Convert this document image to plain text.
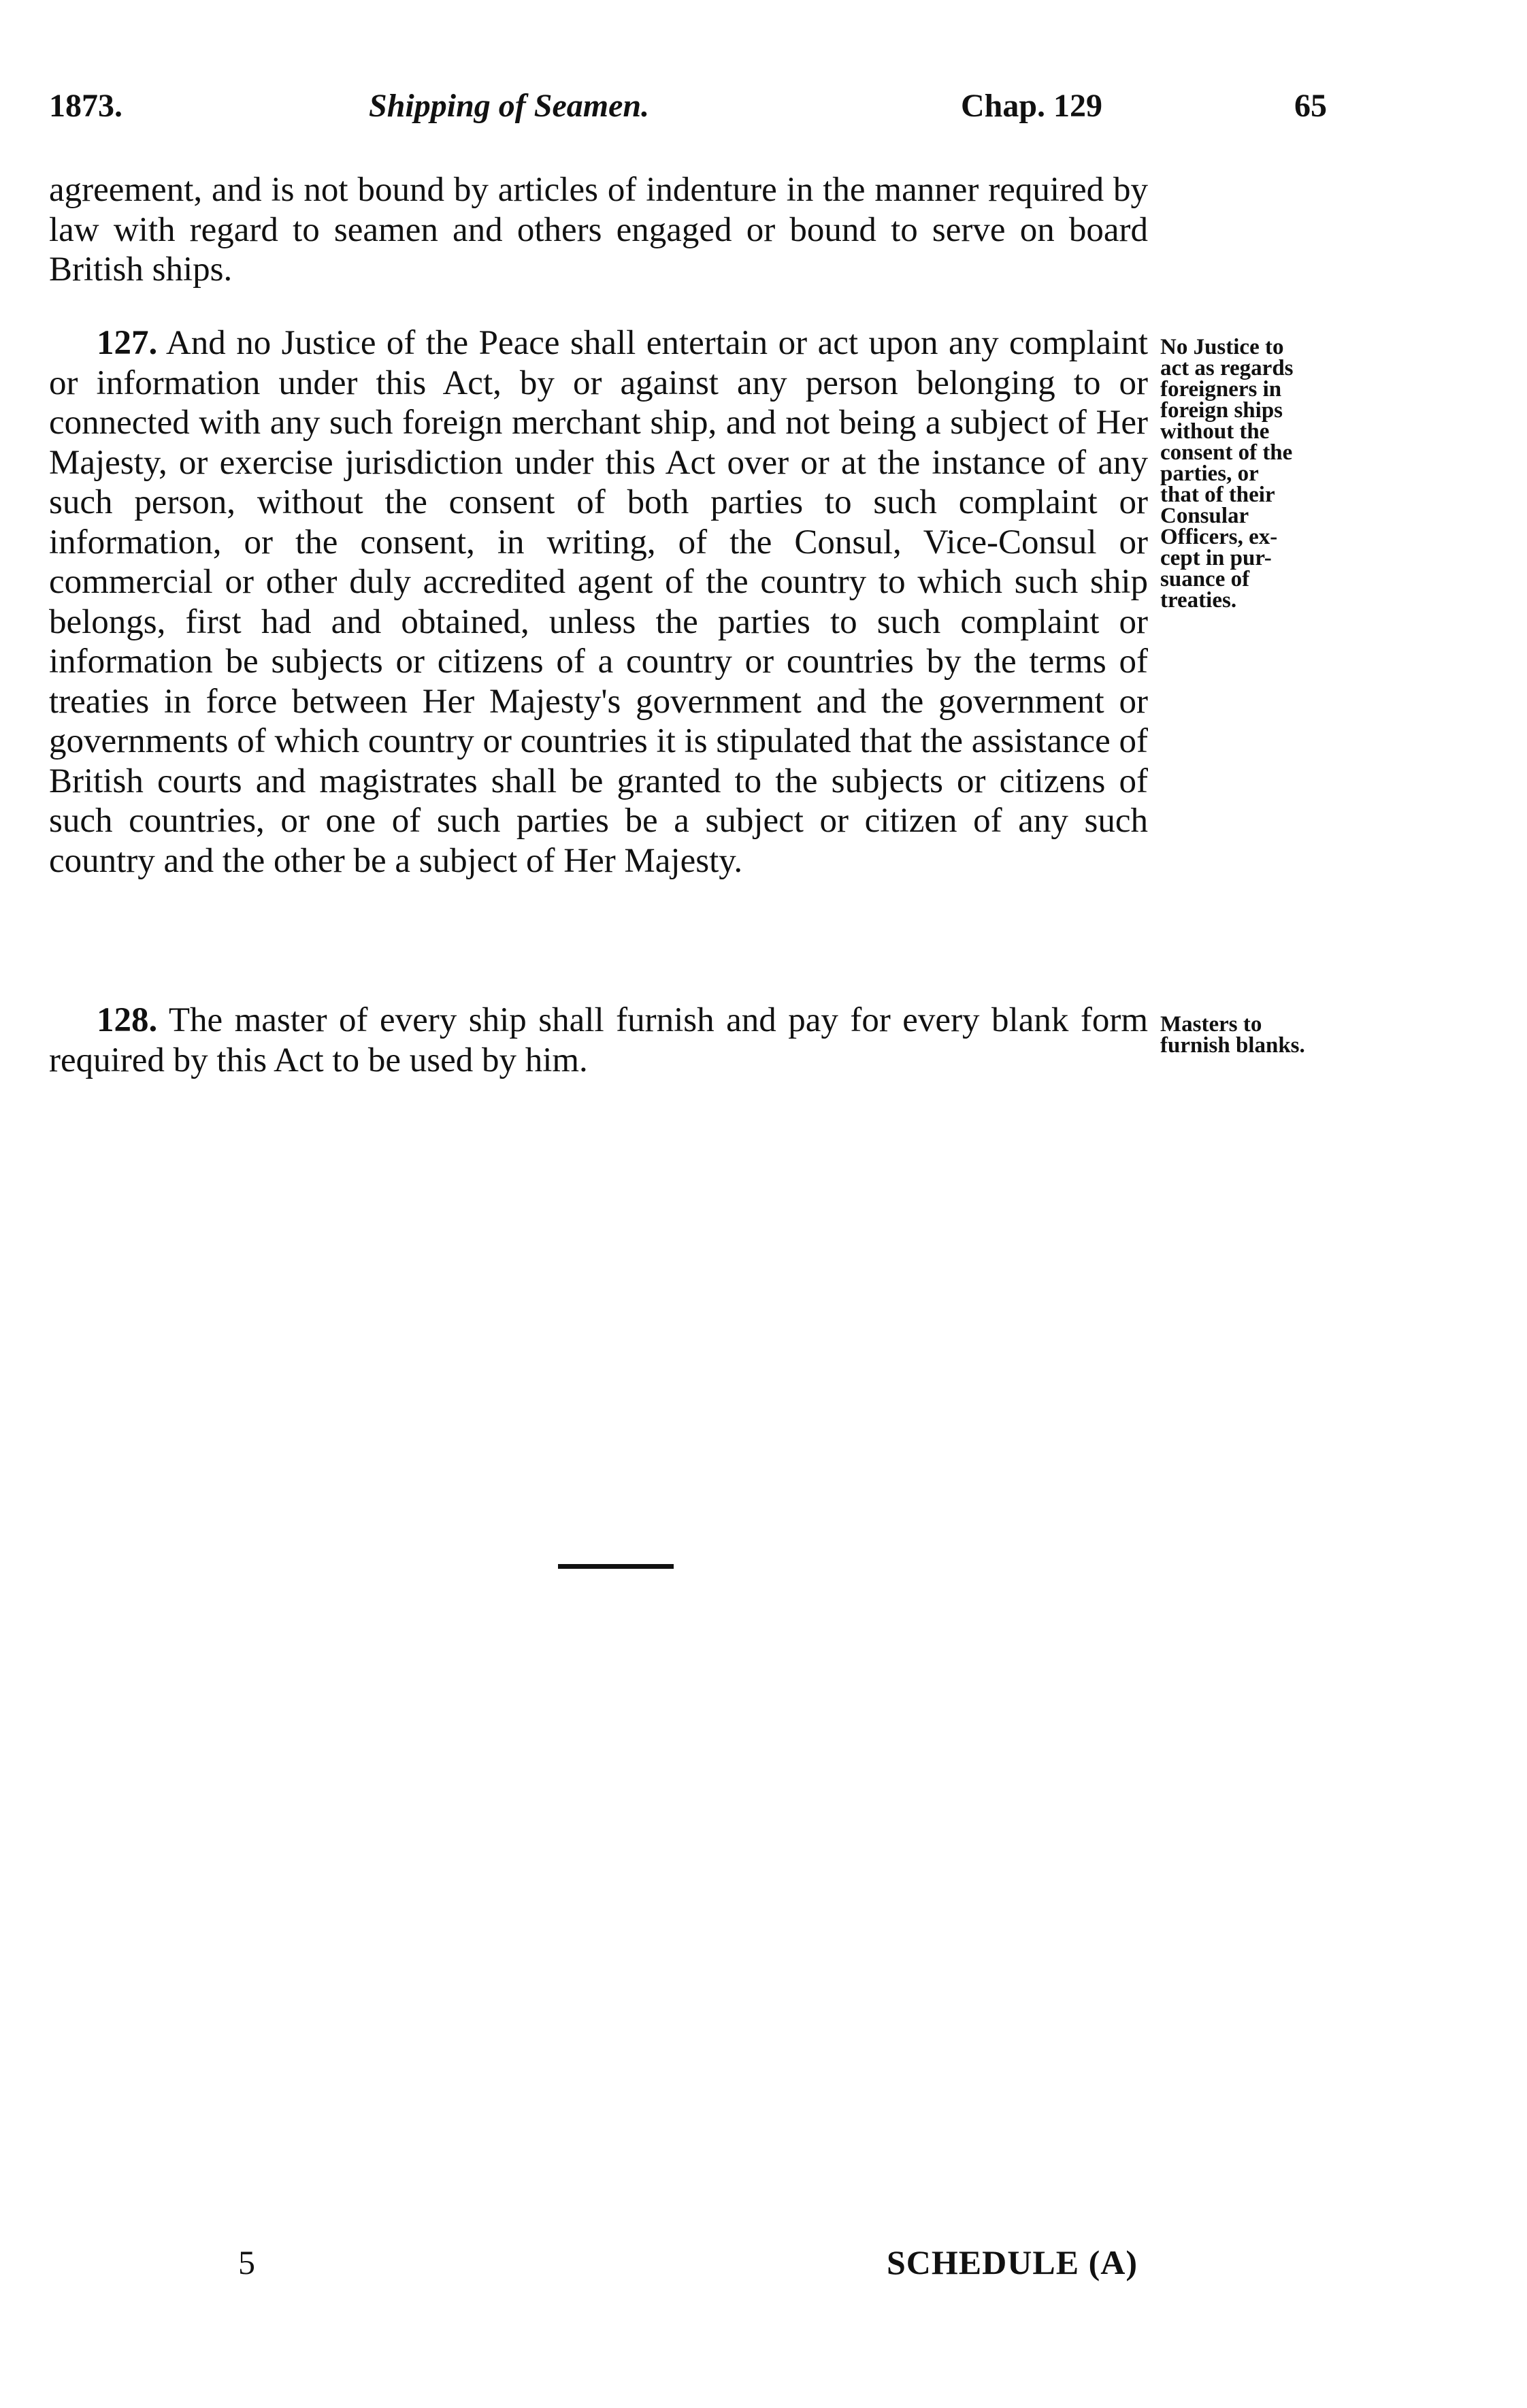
1873.	Shipping of Seamen.	Chap. 129	65

agreement, and is not bound by articles of indenture in the manner required by law with regard to seamen and others engaged or bound to serve on board British ships.

127. And no Justice of the Peace shall entertain or act upon any complaint or information under this Act, by or against any person belonging to or connected with any such foreign merchant ship, and not being a subject of Her Majesty, or exercise jurisdiction under this Act over or at the instance of any such person, without the consent of both parties to such complaint or information, or the consent, in writing, of the Consul, Vice-Consul or commercial or other duly accredited agent of the country to which such ship belongs, first had and obtained, unless the parties to such complaint or information be subjects or citizens of a country or countries by the terms of treaties in force between Her Majesty's government and the government or governments of which country or countries it is stipulated that the assistance of British courts and magistrates shall be granted to the subjects or citizens of such countries, or one of such parties be a subject or citizen of any such country and the other be a subject of Her Majesty.

No Justice to
act as regards
foreigners in
foreign ships
without the
consent of the
parties, or
that of their
Consular
Officers, ex-
cept in pur-
suance of
treaties.

128. The master of every ship shall furnish and pay for every blank form required by this Act to be used by him.

Masters to
furnish blanks.
5	SCHEDULE (A)
